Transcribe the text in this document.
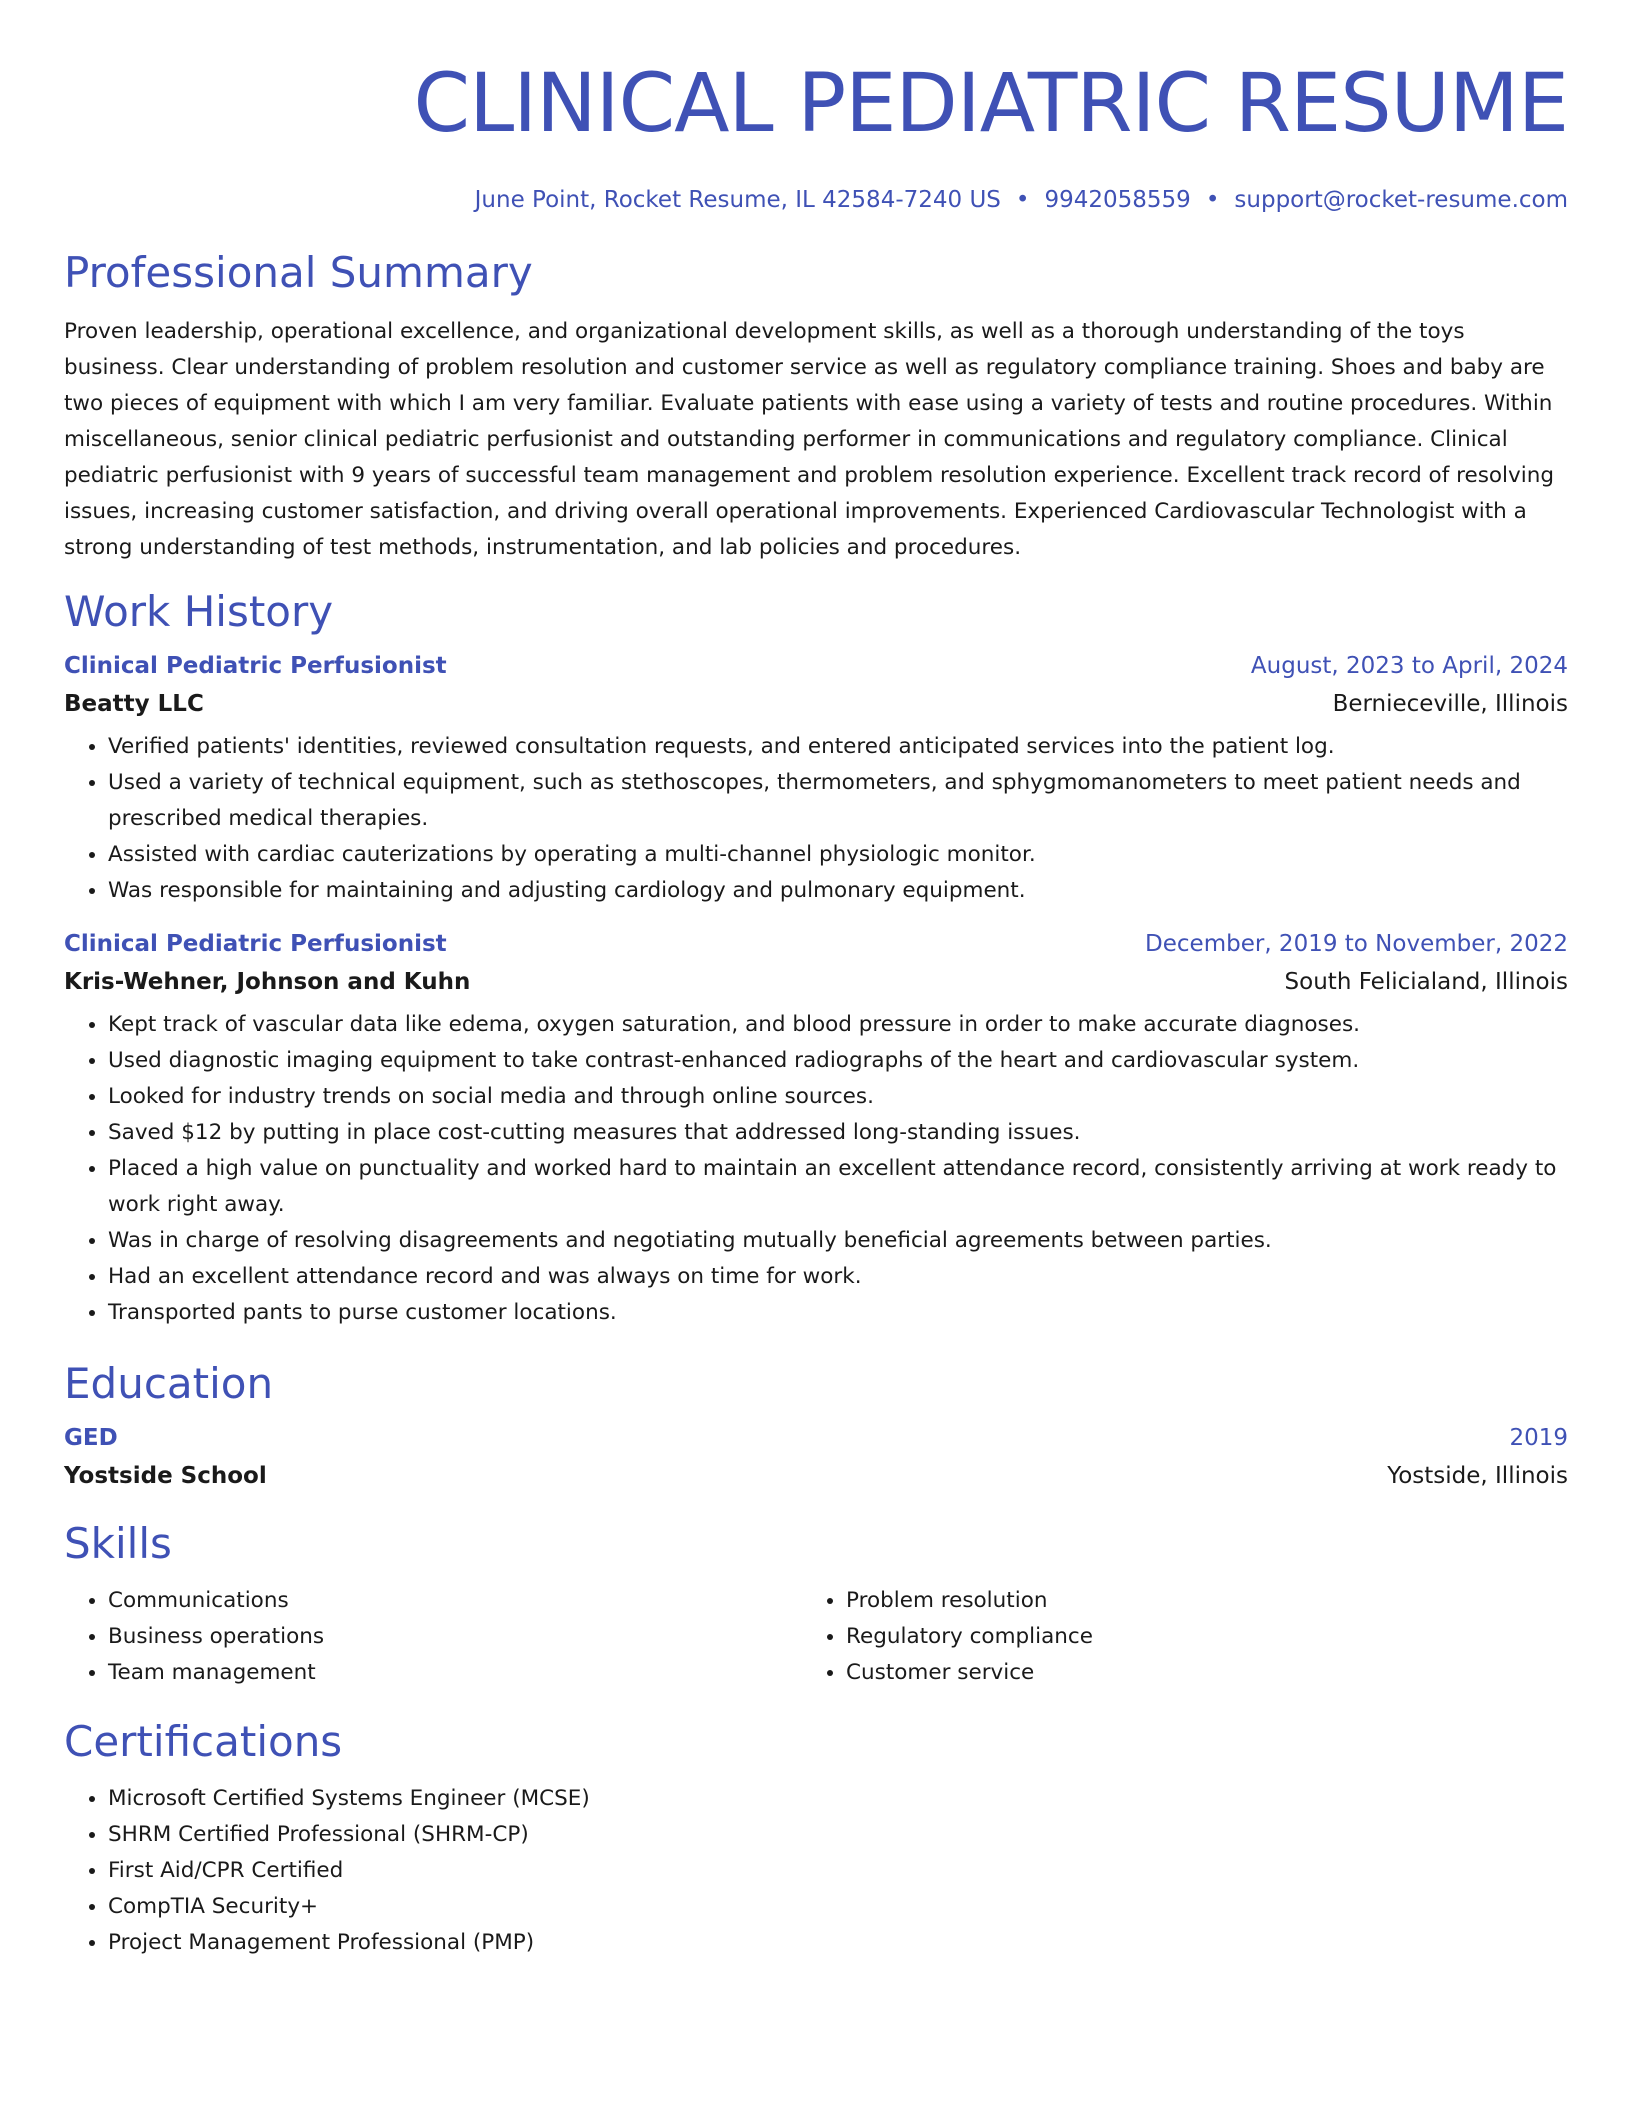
CLINICAL PEDIATRIC RESUME
June Point, Rocket Resume, IL 42584-7240 US • 9942058559 • support@rocket-resume.com
Professional Summary

Proven leadership, operational excellence, and organizational development skills, as well as a thorough understanding of the toys business. Clear understanding of problem resolution and customer service as well as regulatory compliance training. Shoes and baby are two pieces of equipment with which I am very familiar. Evaluate patients with ease using a variety of tests and routine procedures. Within miscellaneous, senior clinical pediatric perfusionist and outstanding performer in communications and regulatory compliance. Clinical pediatric perfusionist with 9 years of successful team management and problem resolution experience. Excellent track record of resolving issues, increasing customer satisfaction, and driving overall operational improvements. Experienced Cardiovascular Technologist with a strong understanding of test methods, instrumentation, and lab policies and procedures.

Work History
Clinical Pediatric Perfusionist	August, 2023 to April, 2024
Beatty LLC	Bernieceville, Illinois
• Verified patients' identities, reviewed consultation requests, and entered anticipated services into the patient log.
• Used a variety of technical equipment, such as stethoscopes, thermometers, and sphygmomanometers to meet patient needs and prescribed medical therapies.
• Assisted with cardiac cauterizations by operating a multi-channel physiologic monitor.
• Was responsible for maintaining and adjusting cardiology and pulmonary equipment.
Clinical Pediatric Perfusionist	December, 2019 to November, 2022
Kris-Wehner, Johnson and Kuhn	South Felicialand, Illinois
• Kept track of vascular data like edema, oxygen saturation, and blood pressure in order to make accurate diagnoses.
• Used diagnostic imaging equipment to take contrast-enhanced radiographs of the heart and cardiovascular system.
• Looked for industry trends on social media and through online sources.
• Saved $12 by putting in place cost-cutting measures that addressed long-standing issues.
• Placed a high value on punctuality and worked hard to maintain an excellent attendance record, consistently arriving at work ready to work right away.
• Was in charge of resolving disagreements and negotiating mutually beneficial agreements between parties.
• Had an excellent attendance record and was always on time for work.
• Transported pants to purse customer locations.
Education
GED	2019
Yostside School	Yostside, Illinois
Skills
• Communications
• Business operations
• Team management
• Problem resolution
• Regulatory compliance
• Customer service
Certifications
• Microsoft Certified Systems Engineer (MCSE)
• SHRM Certified Professional (SHRM-CP)
• First Aid/CPR Certified
• CompTIA Security+
• Project Management Professional (PMP)
